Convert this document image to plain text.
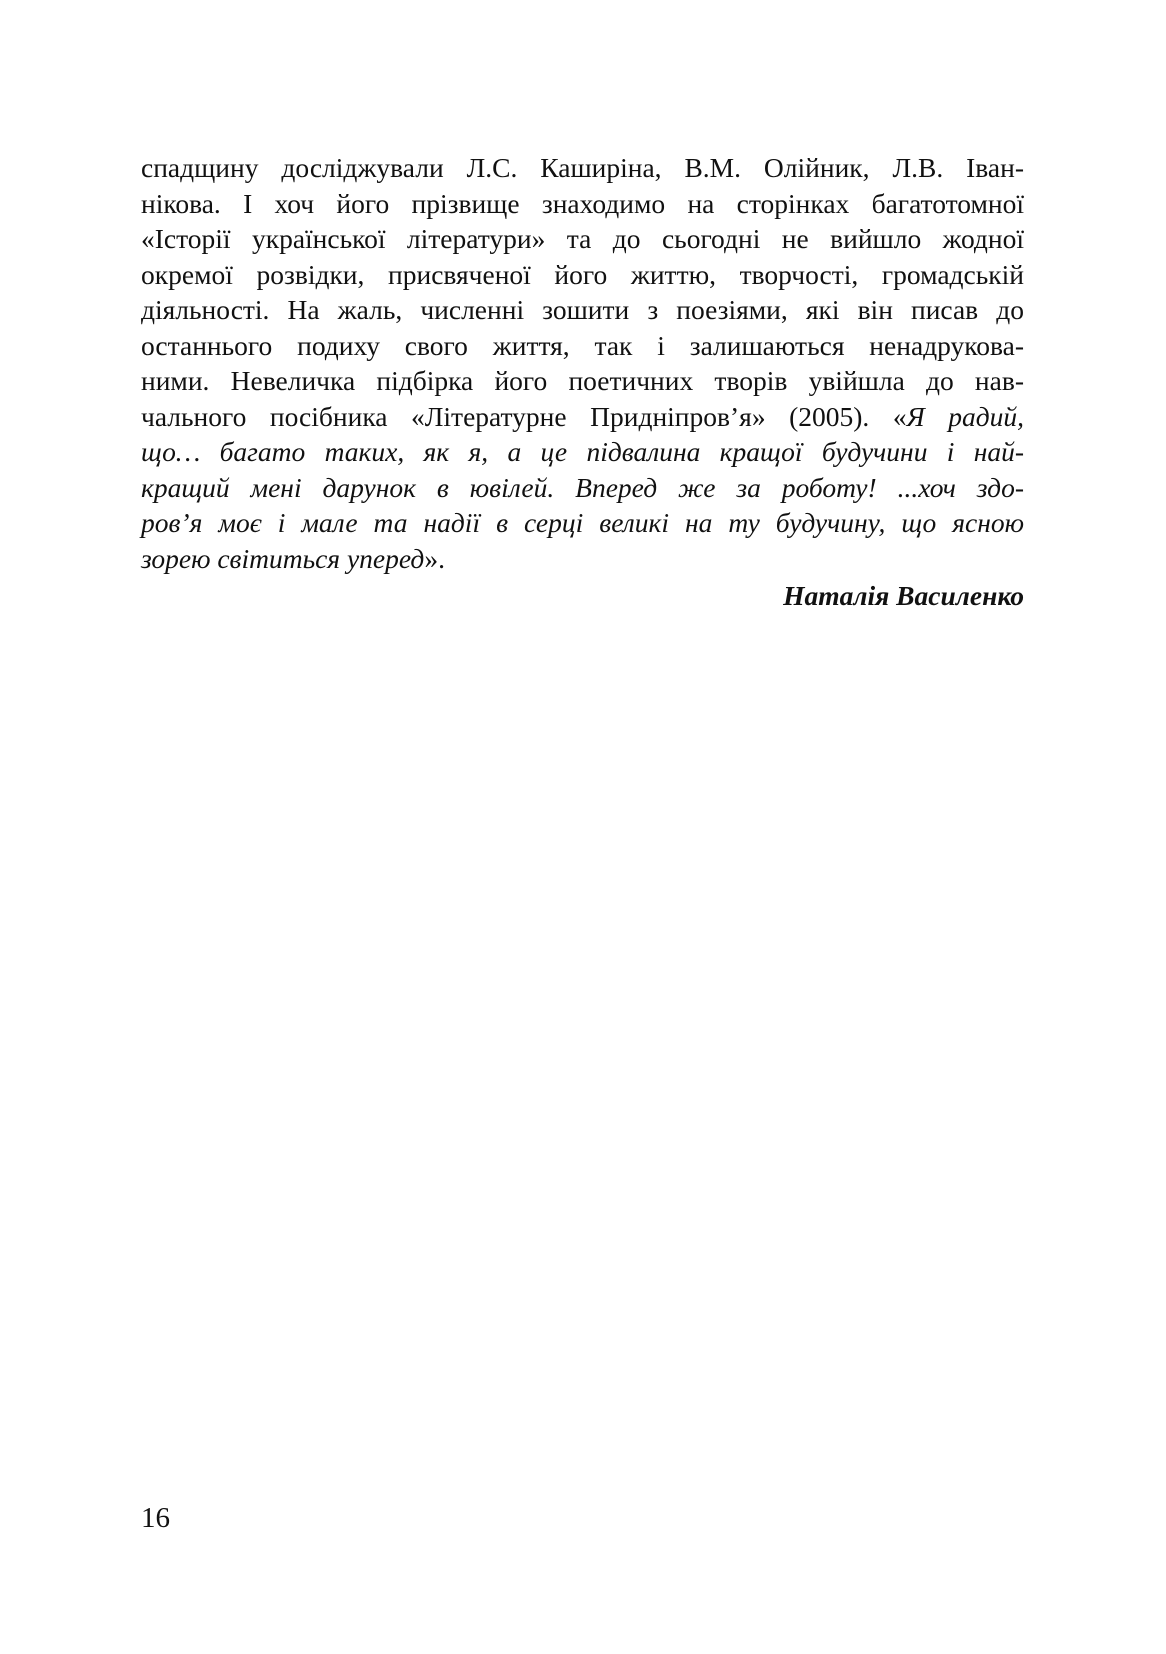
спадщину досліджували Л.С. Каширіна, В.М. Олійник, Л.В. Іван-
нікова. І хоч його прізвище знаходимо на сторінках багатотомної
«Історії української літератури» та до сьогодні не вийшло жодної
окремої розвідки, присвяченої його життю, творчості, громадській
діяльності. На жаль, численні зошити з поезіями, які він писав до
останнього подиху свого життя, так і залишаються ненадрукова-
ними. Невеличка підбірка його поетичних творів увійшла до нав-
чального посібника «Літературне Придніпров’я» (2005). «Я радий,
що… багато таких, як я, а це підвалина кращої будучини і най-
кращий мені дарунок в ювілей. Вперед же за роботу! ...хоч здо-
ров’я моє і мале та надії в серці великі на ту будучину, що ясною
зорею світиться уперед».
Наталія Василенко
16
